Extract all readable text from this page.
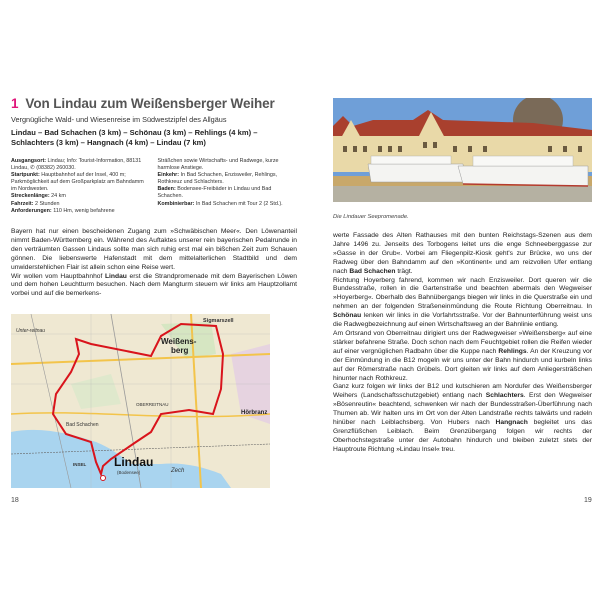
1 Von Lindau zum Weißensberger Weiher
Vergnügliche Wald- und Wiesenreise im Südwestzipfel des Allgäus
Lindau – Bad Schachen (3 km) – Schönau (3 km) – Rehlings (4 km) – Schlachters (3 km) – Hangnach (4 km) – Lindau (7 km)
Ausgangsort: Lindau; Info: Tourist-Information, 88131 Lindau, ✆ (08382) 260030.
Startpunkt: Hauptbahnhof auf der Insel, 400 m; Parkmöglichkeit auf dem Großparkplatz am Bahndamm im Nordwesten.
Streckenlänge: 24 km
Fahrzeit: 2 Stunden
Anforderungen: 110 Hm, wenig befahrene
Sträßchen sowie Wirtschafts- und Radwege, kurze harmlose Anstiege.
Einkehr: In Bad Schachen, Enzisweiler, Rehlings, Rothkreuz und Schlachters.
Baden: Bodensee-Freibäder in Lindau und Bad Schachen.
Kombinierbar: In Bad Schachen mit Tour 2 (2 Std.).

Bayern hat nur einen bescheidenen Zugang zum »Schwäbischen Meer«. Den Löwenanteil nimmt Baden-Württemberg ein. Während des Auftaktes unserer rein bayerischen Pedalrunde in den verträumten Gassen Lindaus sollte man sich ruhig erst mal ein bißchen Zeit zum Schauen gönnen. Die liebenswerte Hafenstadt mit dem mittelalterlichen Stadtbild und dem unwiderstehlichen Flair ist allein schon eine Reise wert.

Wir wollen vom Hauptbahnhof Lindau erst die Strandpromenade mit dem Bayerischen Löwen und dem hohen Leuchtturm besuchen. Nach dem Mangturm steuern wir links am Hauptzollamt vorbei und auf die bemerkens-

Sigmarszell
Weißens-
berg
Hörbranz
Lindau
(Bodensee)
INSEL
Zech
OBERREITNAU
Bad Schachen
Unter-reitnau
18
Die Lindauer Seepromenade.

werte Fassade des Alten Rathauses mit den bunten Reichstags-Szenen aus dem Jahre 1496 zu. Jenseits des Torbogens leitet uns die enge Schneeberggasse zur »Gasse in der Grub«. Vorbei am Fliegenpilz-Kiosk geht's zur Brücke, wo uns der Radweg über den Bahndamm auf den »Kontinent« und am reizvollen Ufer entlang nach Bad Schachen trägt.

Richtung Hoyerberg fahrend, kommen wir nach Enzisweiler. Dort queren wir die Bundesstraße, rollen in die Gartenstraße und beachten abermals den Wegweiser »Hoyerberg«. Oberhalb des Bahnübergangs biegen wir links in die Querstraße ein und nehmen an der folgenden Straßeneinmündung die Route Richtung Oberreitnau. In Schönau lenken wir links in die Vorfahrtsstraße. Vor der Bahnunterführung weist uns die Radwegbezeichnung auf einen Wirtschaftsweg an der Bahnlinie entlang.

Am Ortsrand von Oberreitnau dirigiert uns der Radwegweiser »Weißensberg« auf eine stärker befahrene Straße. Doch schon nach dem Feuchtgebiet rollen die Reifen wieder auf einer vergnüglichen Radbahn über die Kuppe nach Rehlings. An der Kreuzung vor der Einmündung in die B12 mogeln wir uns unter der Bahn hindurch und kurbeln links auf der Römerstraße nach Grübels. Dort gleiten wir links auf dem Anliegersträßchen hinunter nach Rothkreuz.

Ganz kurz folgen wir links der B12 und kutschieren am Nordufer des Weißensberger Weihers (Landschaftsschutzgebiet) entlang nach Schlachters. Erst den Wegweiser »Bösenreutin« beachtend, schwenken wir nach der Bundesstraßen-Überführung nach Thumen ab. Wir halten uns im Ort von der Alten Landstraße rechts talwärts und radeln hinüber nach Leiblachsberg. Von Hubers nach Hangnach begleitet uns das Grenzflüßchen Leiblach. Beim Grenzübergang folgen wir rechts der Oberhochstegstraße unter der Autobahn hindurch und bleiben zuletzt stets der Hauptroute Richtung »Lindau Insel« treu.

19
